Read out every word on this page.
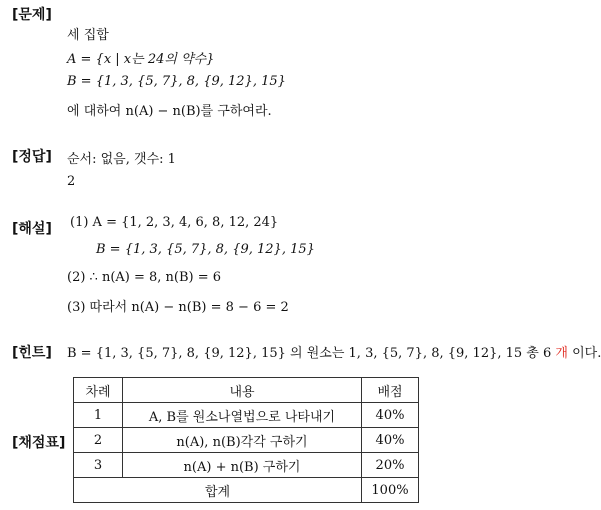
[문제]
세 집합
A = {x | x는 24의 약수}
B = {1, 3, {5, 7}, 8, {9, 12}, 15}
에 대하여 n(A) − n(B)를 구하여라.
[정답] 순서: 없음, 갯수: 1
2
[해설] (1) A = {1, 2, 3, 4, 6, 8, 12, 24}
B = {1, 3, {5, 7}, 8, {9, 12}, 15}
(2) ∴ n(A) = 8, n(B) = 6
(3) 따라서 n(A) − n(B) = 8 − 6 = 2
[힌트] B = {1, 3, {5, 7}, 8, {9, 12}, 15} 의 원소는 1, 3, {5, 7}, 8, {9, 12}, 15 총 6 개 이다.
[채점표]
차례	내용	배점
1	A, B를 원소나열법으로 나타내기	40%
2	n(A), n(B)각각 구하기	40%
3	n(A) + n(B) 구하기	20%
합계		100%
